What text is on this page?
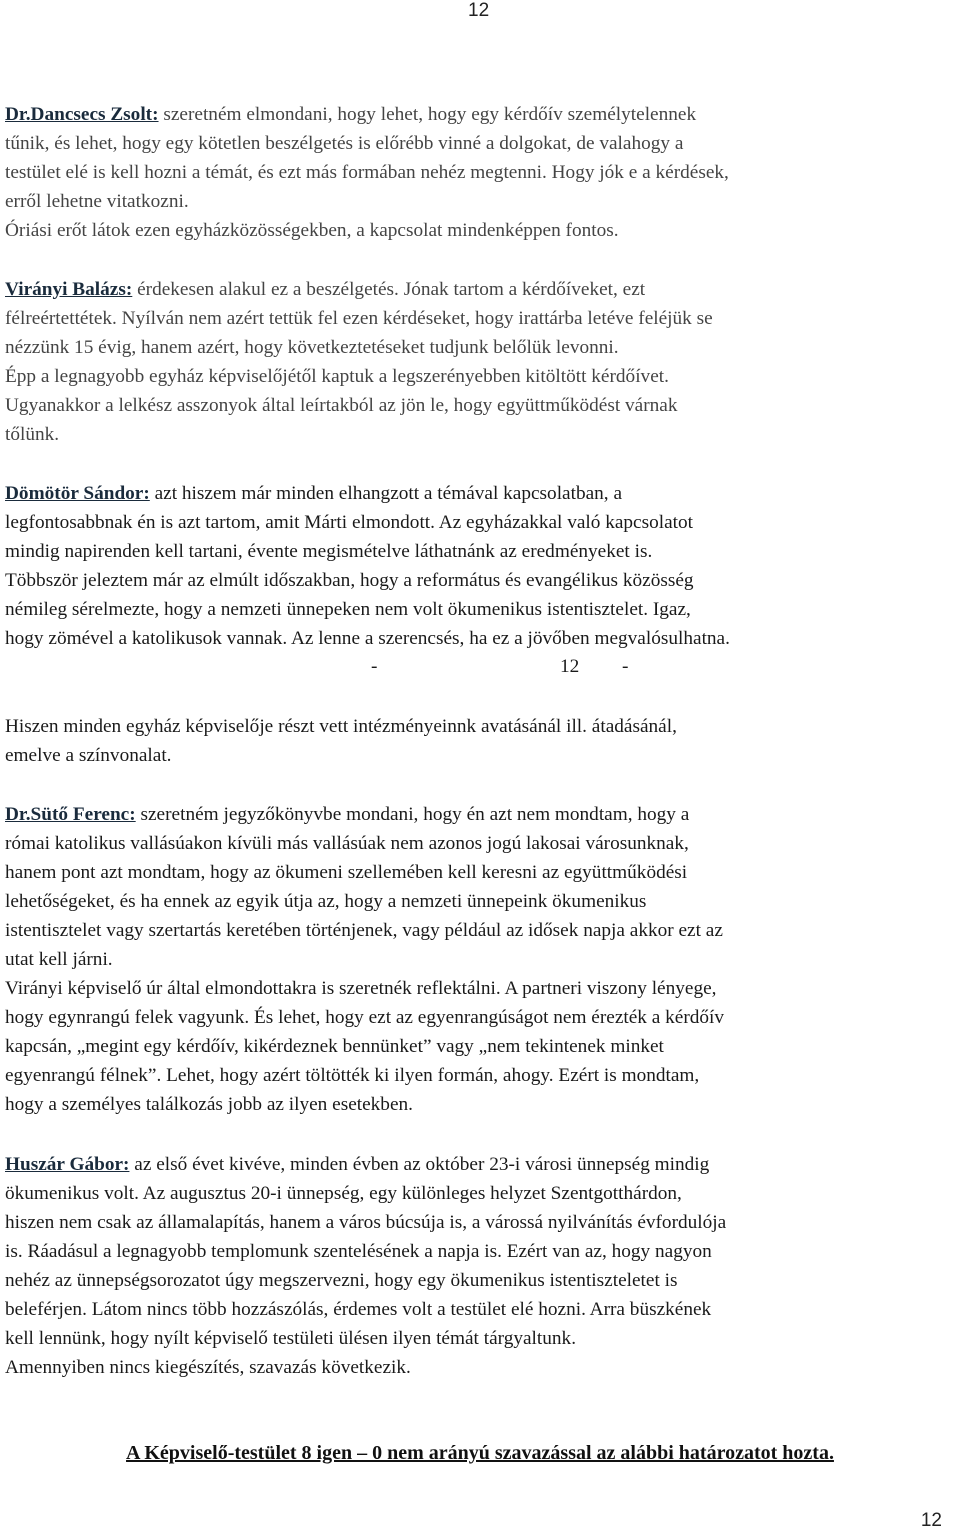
12
Dr.Dancsecs Zsolt: szeretném elmondani, hogy lehet, hogy egy kérdőív személytelennek
tűnik, és lehet, hogy egy kötetlen beszélgetés is előrébb vinné a dolgokat, de valahogy a
testület elé is kell hozni a témát, és ezt más formában nehéz megtenni. Hogy jók e a kérdések,
erről lehetne vitatkozni.
Óriási erőt látok ezen egyházközösségekben, a kapcsolat mindenképpen fontos.
Virányi Balázs: érdekesen alakul ez a beszélgetés. Jónak tartom a kérdőíveket, ezt
félreértettétek. Nyílván nem azért tettük fel ezen kérdéseket, hogy irattárba letéve feléjük se
nézzünk 15 évig, hanem azért, hogy következtetéseket tudjunk belőlük levonni.
Épp a legnagyobb egyház képviselőjétől kaptuk a legszerényebben kitöltött kérdőívet.
Ugyanakkor a lelkész asszonyok által leírtakból az jön le, hogy együttműködést várnak
tőlünk.
Dömötör Sándor: azt hiszem már minden elhangzott a témával kapcsolatban, a
legfontosabbnak én is azt tartom, amit Márti elmondott. Az egyházakkal való kapcsolatot
mindig napirenden kell tartani, évente megismételve láthatnánk az eredményeket is.
Többször jeleztem már az elmúlt időszakban, hogy a református és evangélikus közösség
némileg sérelmezte, hogy a nemzeti ünnepeken nem volt ökumenikus istentisztelet. Igaz,
hogy zömével a katolikusok vannak. Az lenne a szerencsés, ha ez a jövőben megvalósulhatna.
-	12 -
Hiszen minden egyház képviselője részt vett intézményeinnk avatásánál ill. átadásánál,
emelve a színvonalat.
Dr.Sütő Ferenc: szeretném jegyzőkönyvbe mondani, hogy én azt nem mondtam, hogy a
római katolikus vallásúakon kívüli más vallásúak nem azonos jogú lakosai városunknak,
hanem pont azt mondtam, hogy az ökumeni szellemében kell keresni az együttműködési
lehetőségeket, és ha ennek az egyik útja az, hogy a nemzeti ünnepeink ökumenikus
istentisztelet vagy szertartás keretében történjenek, vagy például az idősek napja akkor ezt az
utat kell járni.
Virányi képviselő úr által elmondottakra is szeretnék reflektálni. A partneri viszony lényege,
hogy egynrangú felek vagyunk. És lehet, hogy ezt az egyenrangúságot nem érezték a kérdőív
kapcsán, „megint egy kérdőív, kikérdeznek bennünket” vagy „nem tekintenek minket
egyenrangú félnek”. Lehet, hogy azért töltötték ki ilyen formán, ahogy. Ezért is mondtam,
hogy a személyes találkozás jobb az ilyen esetekben.
Huszár Gábor: az első évet kivéve, minden évben az október 23-i városi ünnepség mindig
ökumenikus volt. Az augusztus 20-i ünnepség, egy különleges helyzet Szentgotthárdon,
hiszen nem csak az államalapítás, hanem a város búcsúja is, a várossá nyilvánítás évfordulója
is. Ráadásul a legnagyobb templomunk szentelésének a napja is. Ezért van az, hogy nagyon
nehéz az ünnepségsorozatot úgy megszervezni, hogy egy ökumenikus istentiszteletet is
beleférjen. Látom nincs több hozzászólás, érdemes volt a testület elé hozni. Arra büszkének
kell lennünk, hogy nyílt képviselő testületi ülésen ilyen témát tárgyaltunk.
Amennyiben nincs kiegészítés, szavazás következik.
A Képviselő-testület 8 igen – 0 nem arányú szavazással az alábbi határozatot hozta.
12
